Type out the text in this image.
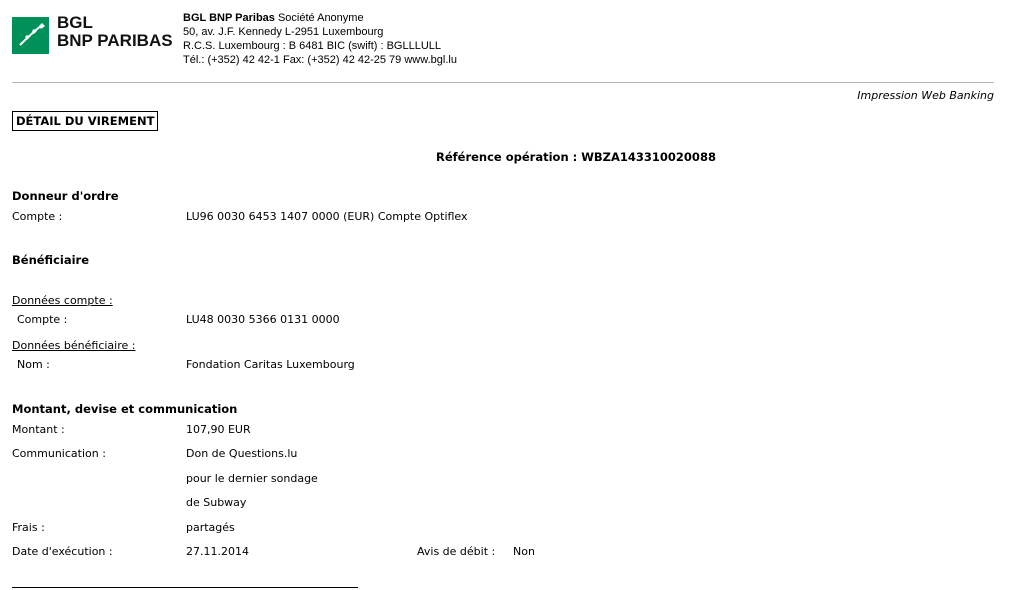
BGL
BNP PARIBAS
BGL BNP Paribas Société Anonyme
50, av. J.F. Kennedy L-2951 Luxembourg
R.C.S. Luxembourg : B 6481 BIC (swift) : BGLLLULL
Tél.: (+352) 42 42-1 Fax: (+352) 42 42-25 79 www.bgl.lu
Impression Web Banking
DÉTAIL DU VIREMENT
Référence opération : WBZA143310020088
Donneur d'ordre
Compte :	LU96 0030 6453 1407 0000 (EUR) Compte Optiflex
Bénéficiaire
Données compte :
Compte :	LU48 0030 5366 0131 0000
Données bénéficiaire :
Nom :	Fondation Caritas Luxembourg
Montant, devise et communication
Montant :	107,90 EUR
Communication :	Don de Questions.lu
pour le dernier sondage
de Subway
Frais :	partagés
Date d'exécution :	27.11.2014	Avis de débit : Non
